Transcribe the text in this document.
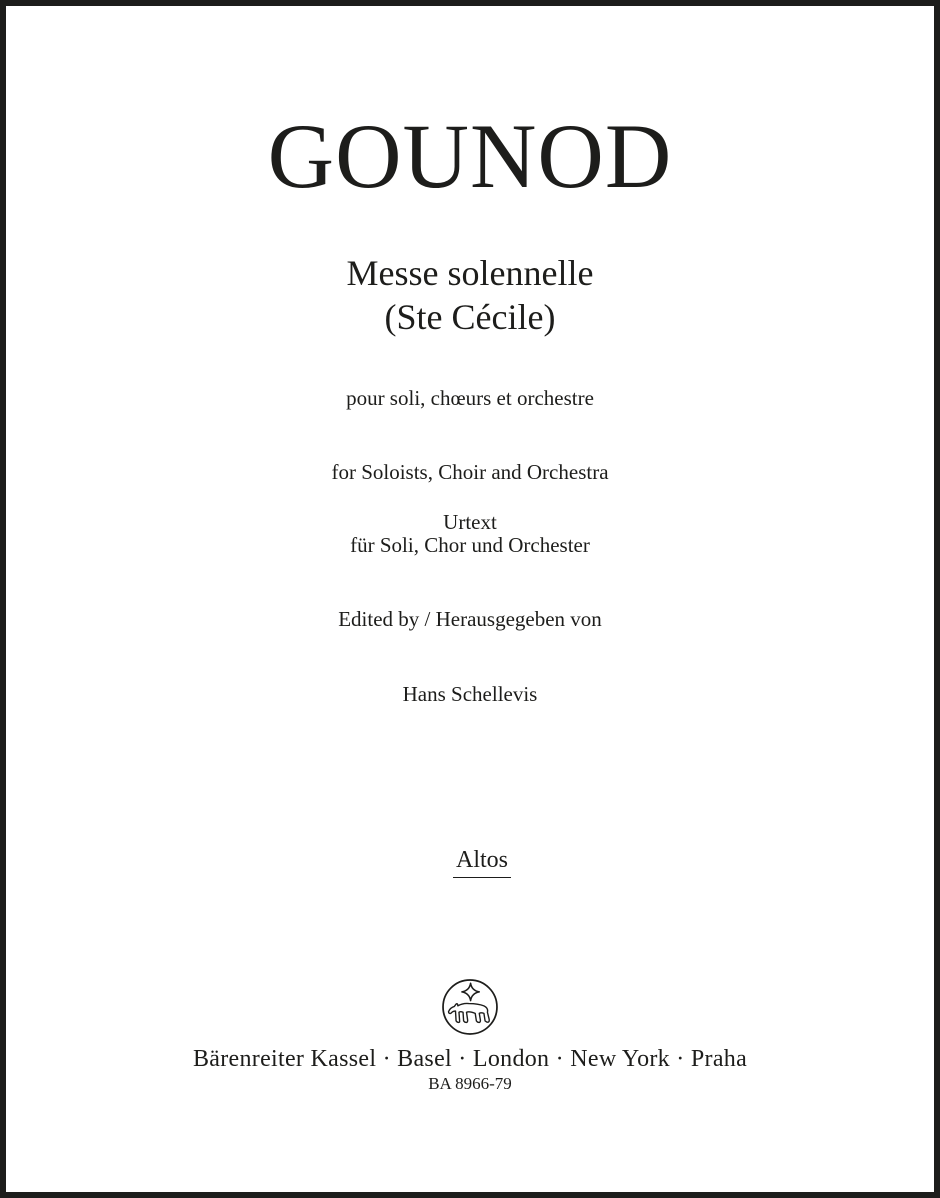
GOUNOD
Messe solennelle
(Ste Cécile)

pour soli, chœurs et orchestre

for Soloists, Choir and Orchestra

für Soli, Chor und Orchester

Urtext

Edited by / Herausgegeben von

Hans Schellevis

Altos

Bärenreiter Kassel · Basel · London · New York · Praha
BA 8966-79
